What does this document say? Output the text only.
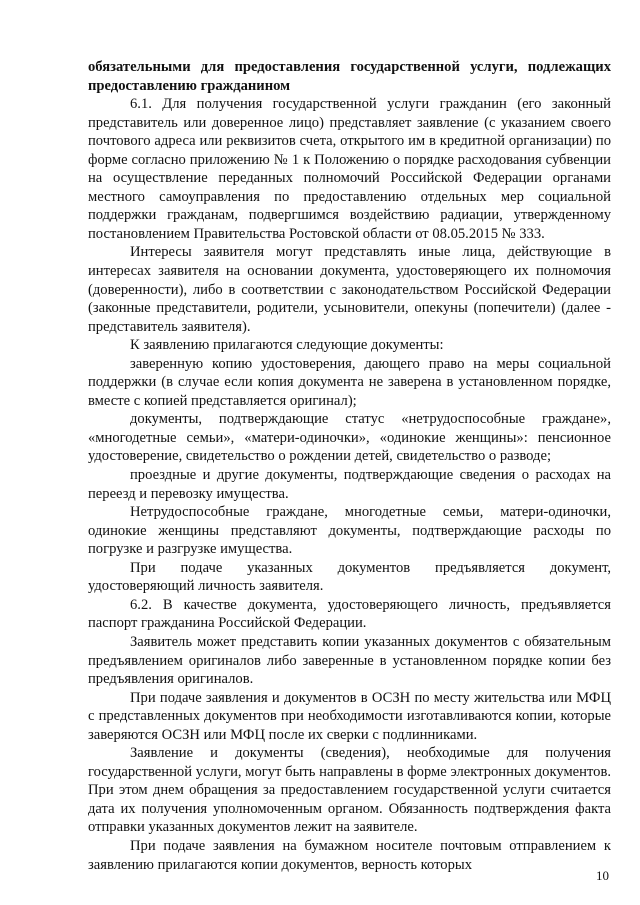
обязательными для предоставления государственной услуги, подлежащих предоставлению гражданином

6.1. Для получения государственной услуги гражданин (его законный представитель или доверенное лицо) представляет заявление (с указанием своего почтового адреса или реквизитов счета, открытого им в кредитной организации) по форме согласно приложению № 1 к Положению о порядке расходования субвенции на осуществление переданных полномочий Российской Федерации органами местного самоуправления по предоставлению отдельных мер социальной поддержки гражданам, подвергшимся воздействию радиации, утвержденному постановлением Правительства Ростовской области от 08.05.2015 № 333.

Интересы заявителя могут представлять иные лица, действующие в интересах заявителя на основании документа, удостоверяющего их полномочия (доверенности), либо в соответствии с законодательством Российской Федерации (законные представители, родители, усыновители, опекуны (попечители) (далее - представитель заявителя).

К заявлению прилагаются следующие документы:

заверенную копию удостоверения, дающего право на меры социальной поддержки (в случае если копия документа не заверена в установленном порядке, вместе с копией представляется оригинал);

документы, подтверждающие статус «нетрудоспособные граждане», «многодетные семьи», «матери-одиночки», «одинокие женщины»: пенсионное удостоверение, свидетельство о рождении детей, свидетельство о разводе;

проездные и другие документы, подтверждающие сведения о расходах на переезд и перевозку имущества.

Нетрудоспособные граждане, многодетные семьи, матери-одиночки, одинокие женщины представляют документы, подтверждающие расходы по погрузке и разгрузке имущества.

При подаче указанных документов предъявляется документ, удостоверяющий личность заявителя.

6.2. В качестве документа, удостоверяющего личность, предъявляется паспорт гражданина Российской Федерации.

Заявитель может представить копии указанных документов с обязательным предъявлением оригиналов либо заверенные в установленном порядке копии без предъявления оригиналов.

При подаче заявления и документов в ОСЗН по месту жительства или МФЦ с представленных документов при необходимости изготавливаются копии, которые заверяются ОСЗН или МФЦ после их сверки с подлинниками.

Заявление и документы (сведения), необходимые для получения государственной услуги, могут быть направлены в форме электронных документов. При этом днем обращения за предоставлением государственной услуги считается дата их получения уполномоченным органом. Обязанность подтверждения факта отправки указанных документов лежит на заявителе.

При подаче заявления на бумажном носителе почтовым отправлением к заявлению прилагаются копии документов, верность которых

10
